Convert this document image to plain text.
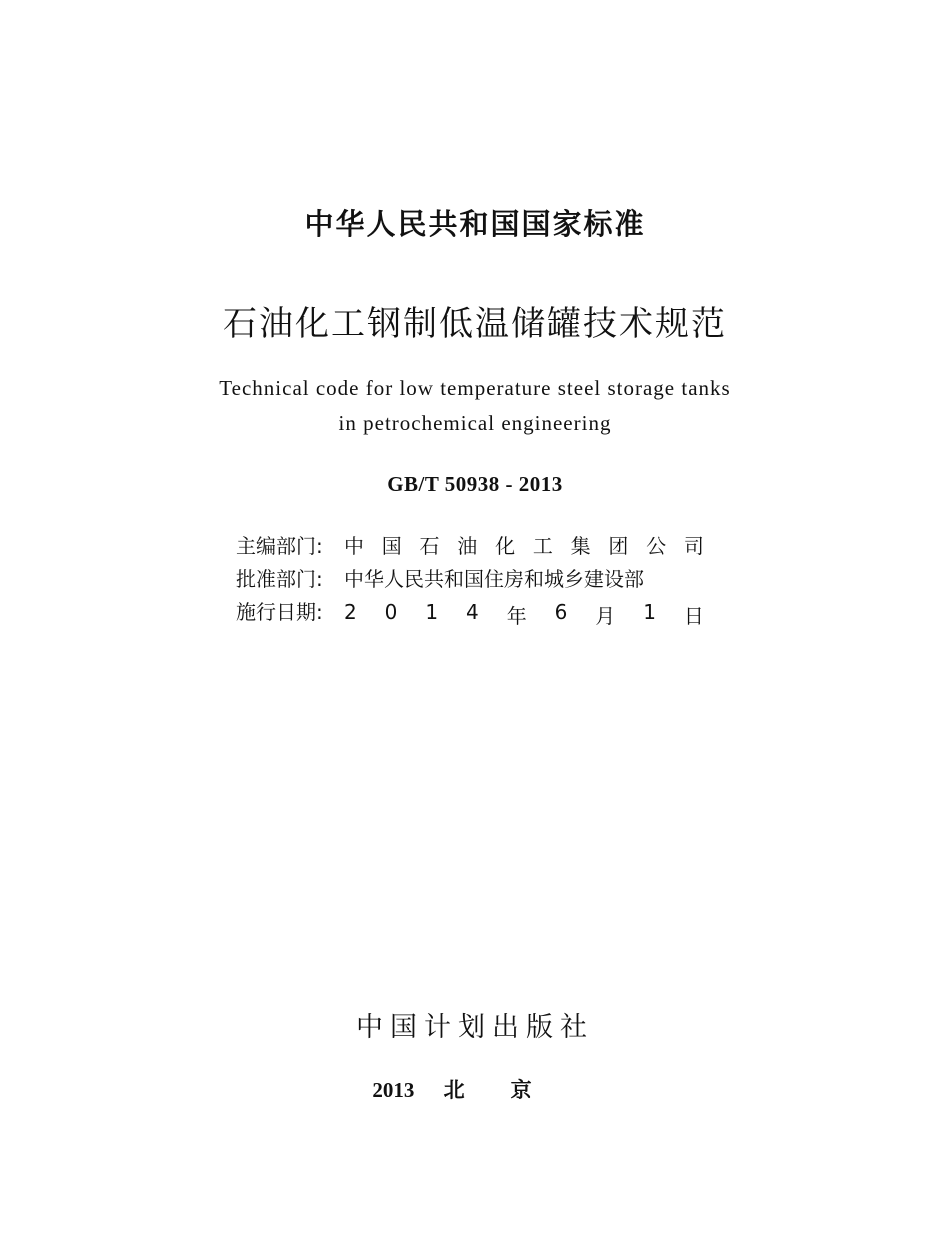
中华人民共和国国家标准
石油化工钢制低温储罐技术规范
Technical code for low temperature steel storage tanks
in petrochemical engineering
GB/T 50938 - 2013
主编部门:	中 国 石 油 化 工 集 团 公 司
批准部门:	中华人民共和国住房和城乡建设部
施行日期:	2 0 1 4 年 6 月 1 日
中国计划出版社
2013 北京
